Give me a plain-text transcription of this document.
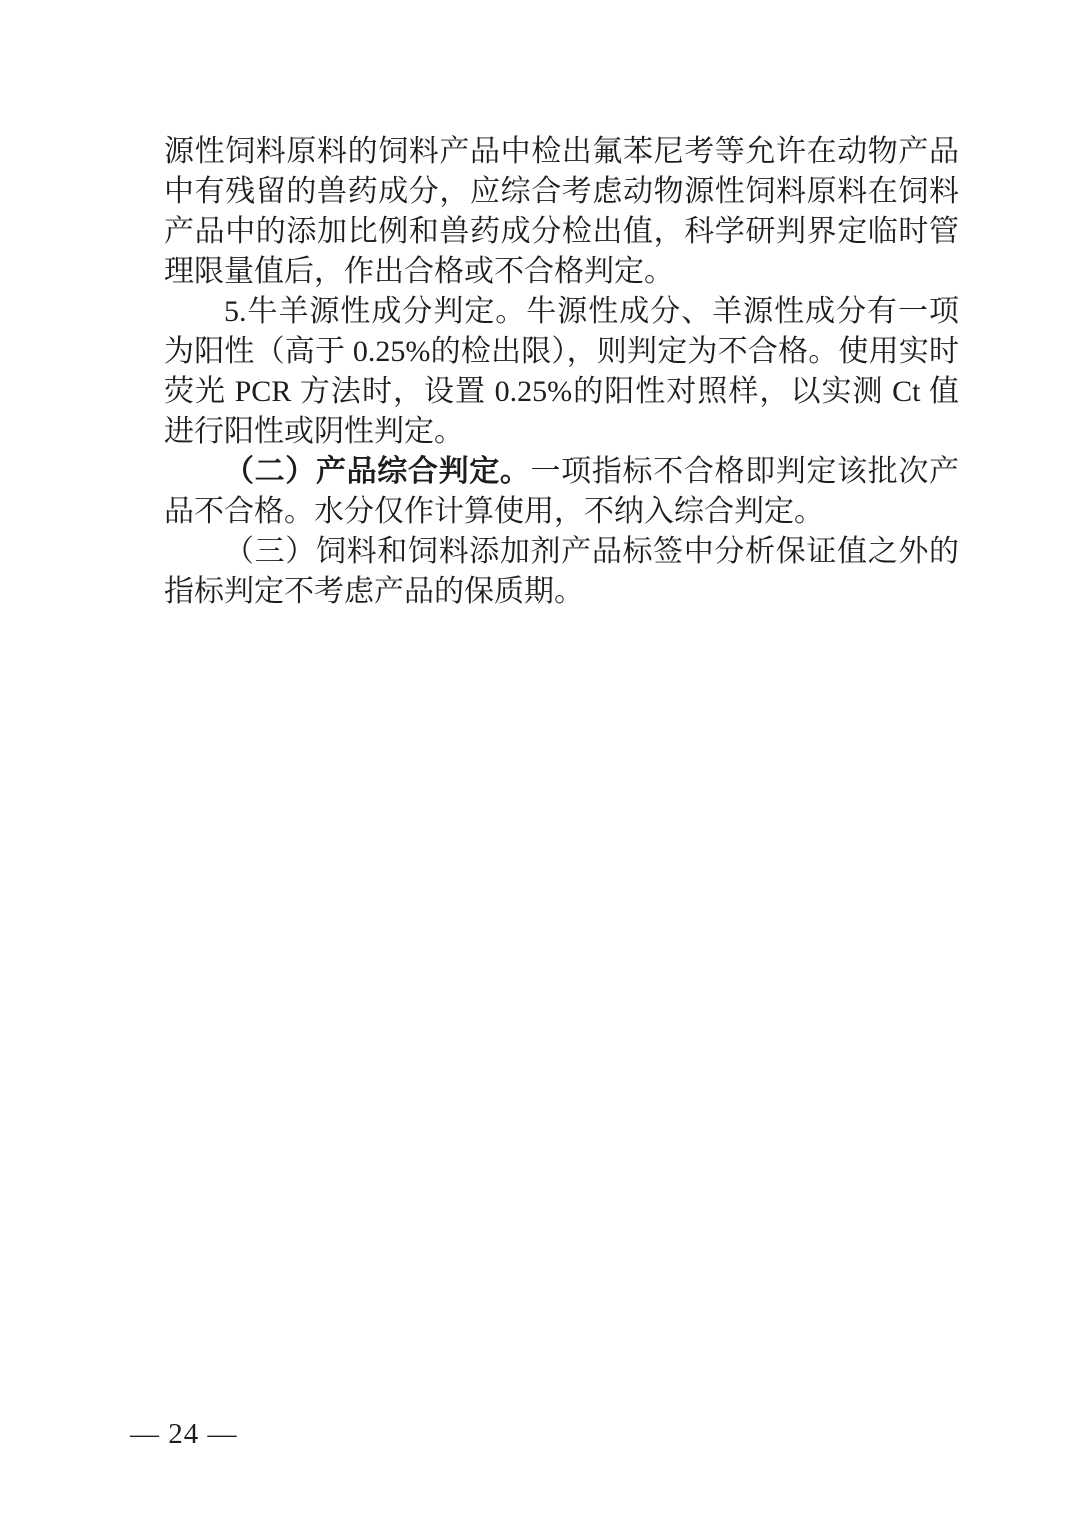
源性饲料原料的饲料产品中检出氟苯尼考等允许在动物产品中有残留的兽药成分，应综合考虑动物源性饲料原料在饲料产品中的添加比例和兽药成分检出值，科学研判界定临时管理限量值后，作出合格或不合格判定。

5.牛羊源性成分判定。牛源性成分、羊源性成分有一项为阳性（高于 0.25%的检出限），则判定为不合格。使用实时荧光 PCR 方法时，设置 0.25%的阳性对照样，以实测 Ct 值进行阳性或阴性判定。

（二）产品综合判定。一项指标不合格即判定该批次产品不合格。水分仅作计算使用，不纳入综合判定。

（三）饲料和饲料添加剂产品标签中分析保证值之外的指标判定不考虑产品的保质期。

— 24 —
